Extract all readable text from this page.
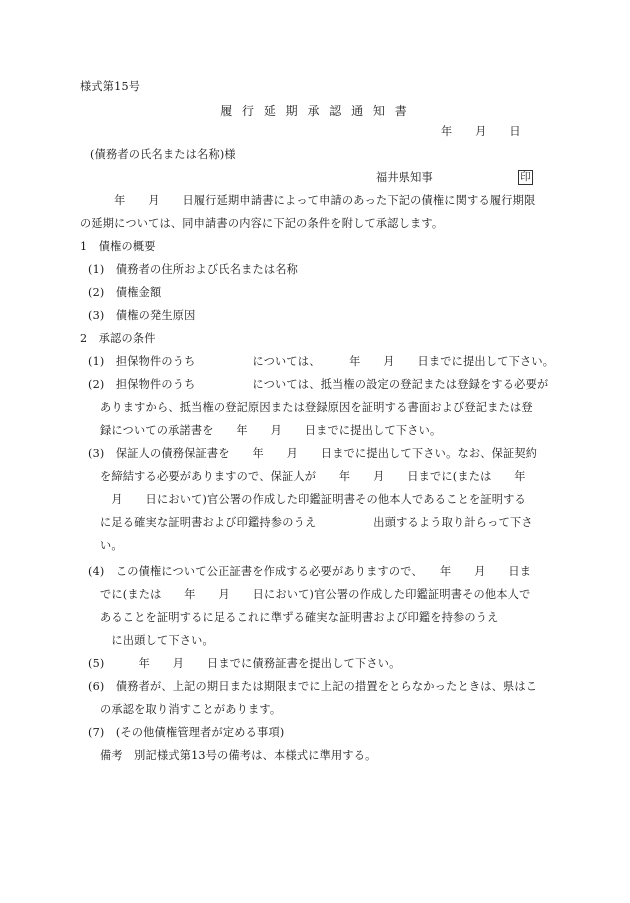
様式第15号
履 行 延 期 承 認 通 知 書
年　　月　　日
(債務者の氏名または名称)様
福井県知事	印
　　　年　　月　　日履行延期申請書によって申請のあった下記の債権に関する履行期限
の延期については、同申請書の内容に下記の条件を附して承認します。
1　債権の概要
(1)　債務者の住所および氏名または名称
(2)　債権金額
(3)　債権の発生原因
2　承認の条件
(1)　担保物件のうち　　　　　については、　　　年　　月　　日までに提出して下さい。
(2)　担保物件のうち　　　　　については、抵当権の設定の登記または登録をする必要が
ありますから、抵当権の登記原因または登録原因を証明する書面および登記または登
録についての承諾書を　　年　　月　　日までに提出して下さい。
(3)　保証人の債務保証書を　　年　　月　　日までに提出して下さい。なお、保証契約
を締結する必要がありますので、保証人が　　年　　月　　日までに(または　　年
　月　　日において)官公署の作成した印鑑証明書その他本人であることを証明する
に足る確実な証明書および印鑑持参のうえ　　　　　出頭するよう取り計らって下さ
い。
(4)　この債権について公正証書を作成する必要がありますので、　　年　　月　　日ま
でに(または　　年　　月　　日において)官公署の作成した印鑑証明書その他本人で
あることを証明するに足るこれに準ずる確実な証明書および印鑑を持参のうえ
　に出頭して下さい。
(5)　　　年　　月　　日までに債務証書を提出して下さい。
(6)　債務者が、上記の期日または期限までに上記の措置をとらなかったときは、県はこ
の承認を取り消すことがあります。
(7)　(その他債権管理者が定める事項)
備考　別記様式第13号の備考は、本様式に準用する。
